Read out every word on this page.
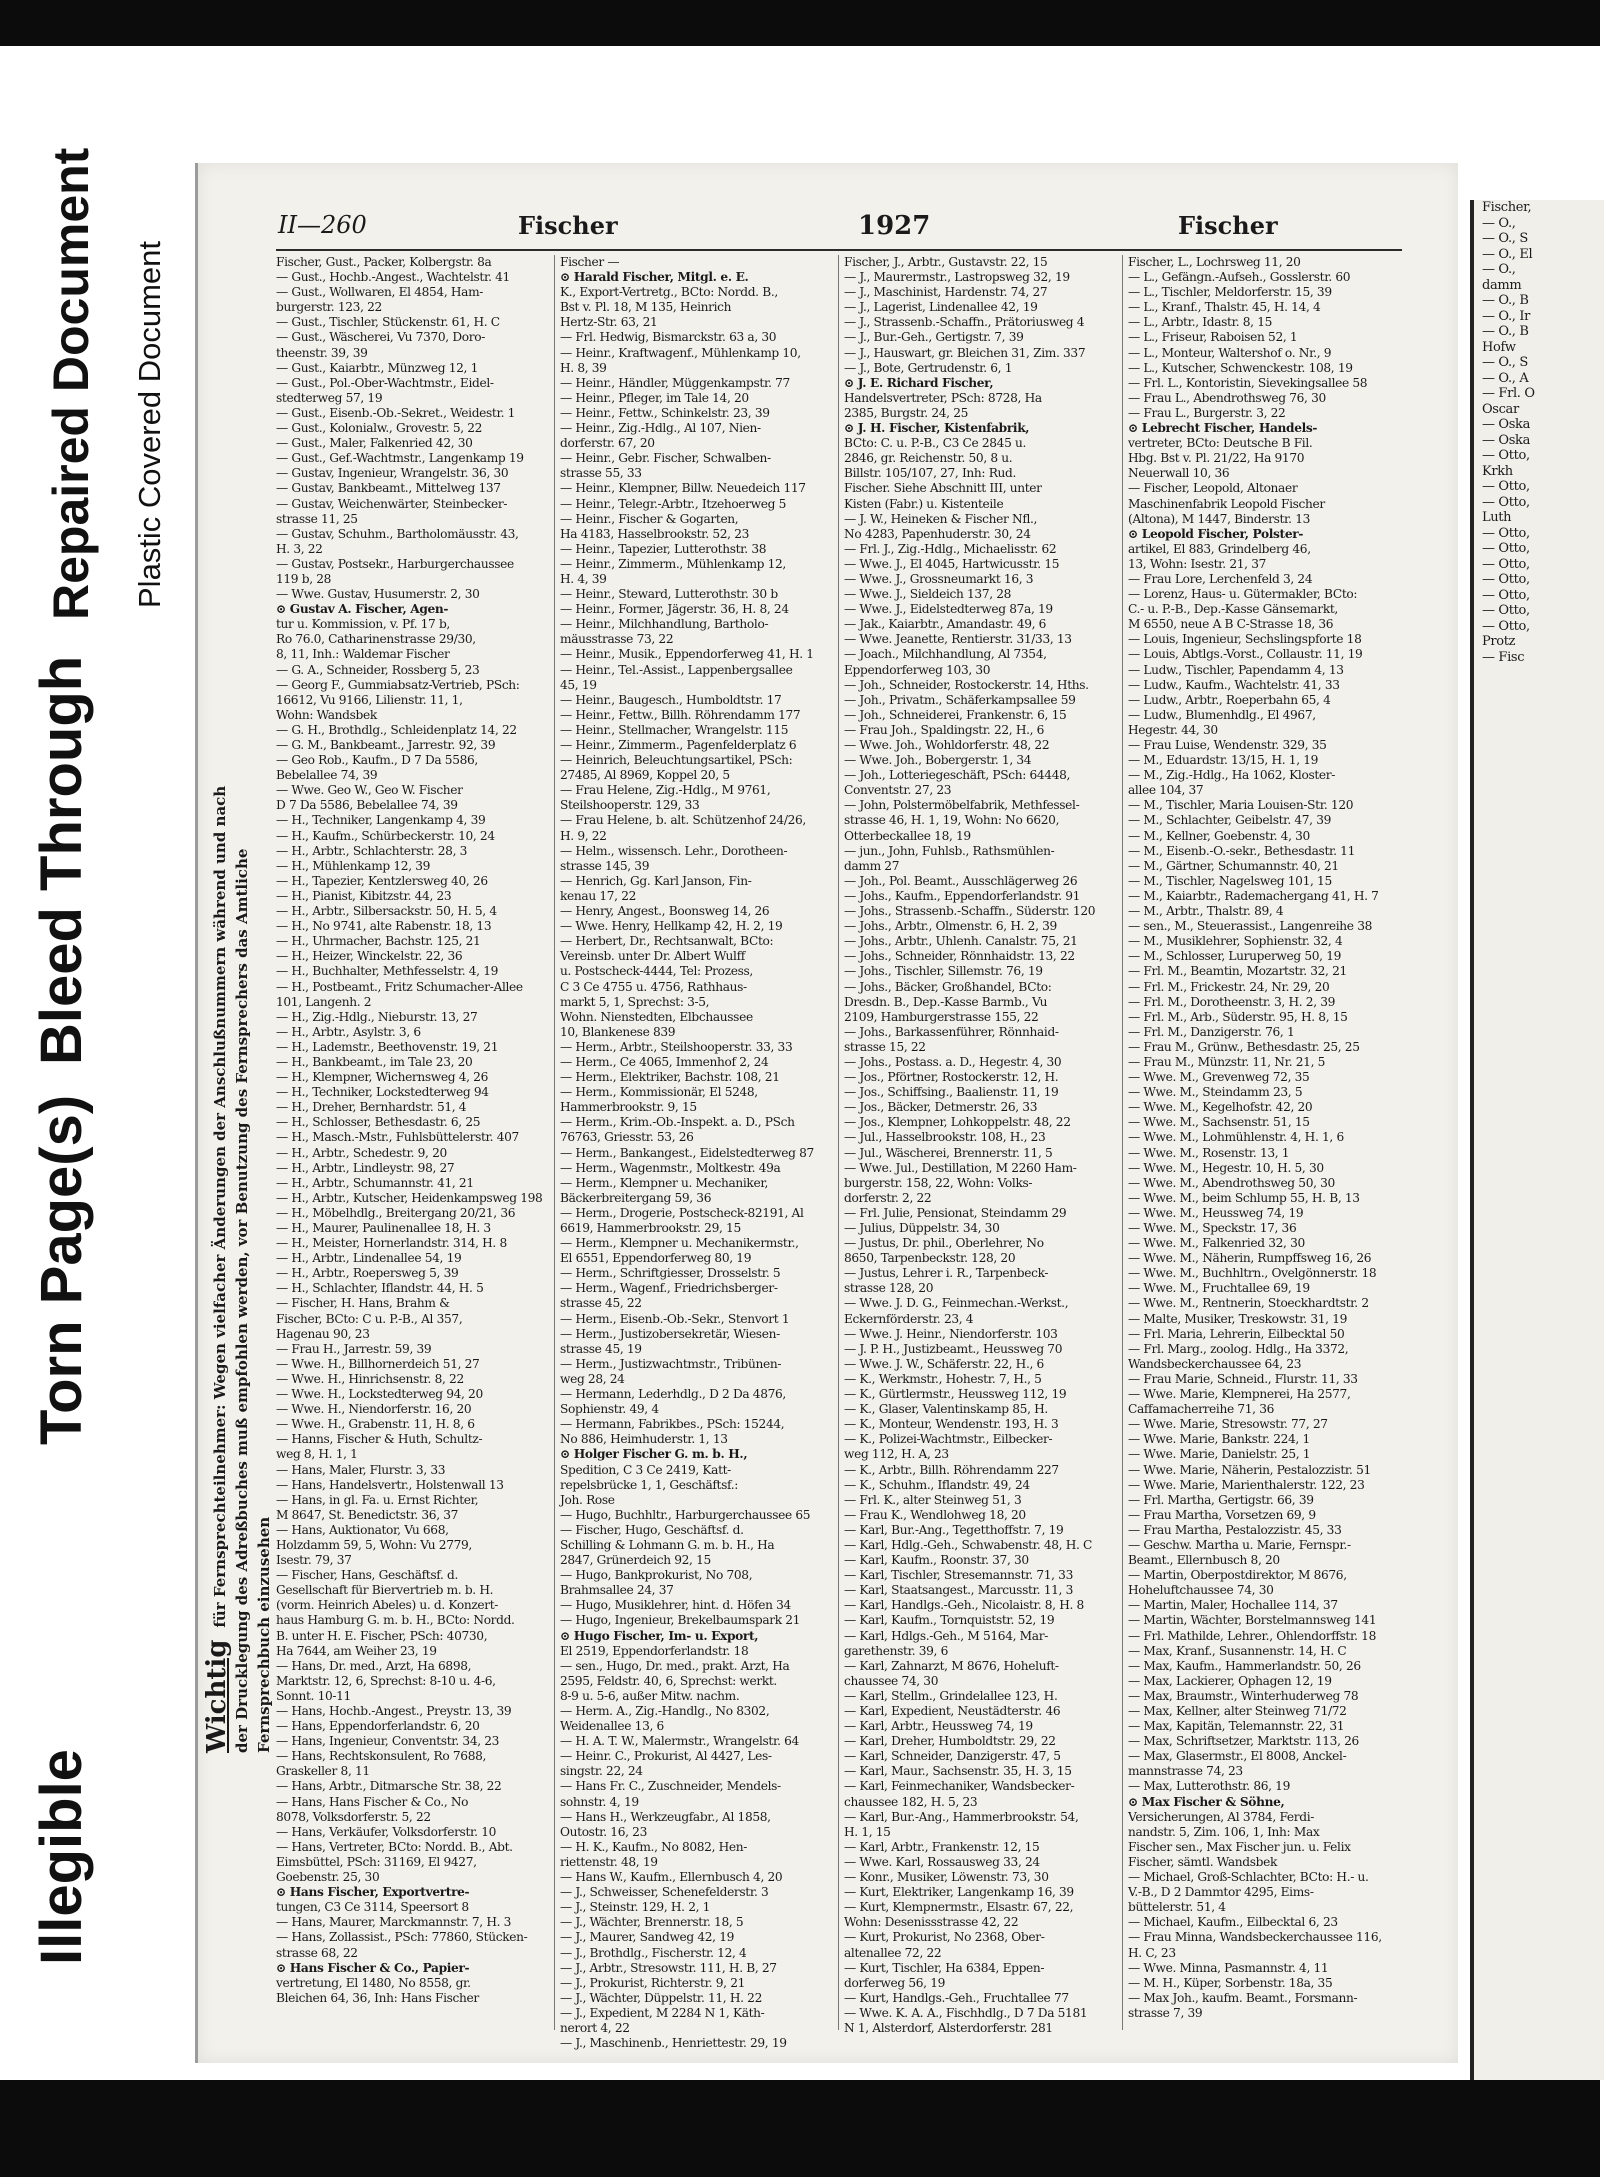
Illegible
Torn Page(s)
Bleed Through
Repaired Document Plastic Covered Document
Fischer,
— O.,
— O., S
— O., El
— O.,
damm
— O., B
— O., Ir
— O., B
Hofw
— O., S
— O., A
— Frl. O
Oscar
— Oska
— Oska
— Otto,
Krkh
— Otto,
— Otto,
Luth
— Otto,
— Otto,
— Otto,
— Otto,
— Otto,
— Otto,
— Otto,
Protz
— Fisc
II—260	Fischer	1927	Fischer
Wichtigfür Fernsprechteilnehmer: Wegen vielfacher Änderungen der Anschlußnummern während und nach der Drucklegung des Adreßbuches muß empfohlen werden, vor Benutzung des Fernsprechers das Amtliche Fernsprechbuch einzusehen
Fischer, Gust., Packer, Kolbergstr. 8a
— Gust., Hochb.-Angest., Wachtelstr. 41
— Gust., Wollwaren, El 4854, Ham-
burgerstr. 123, 22
— Gust., Tischler, Stückenstr. 61, H. C
— Gust., Wäscherei, Vu 7370, Doro-
theenstr. 39, 39
— Gust., Kaiarbtr., Münzweg 12, 1
— Gust., Pol.-Ober-Wachtmstr., Eidel-
stedterweg 57, 19
— Gust., Eisenb.-Ob.-Sekret., Weidestr. 1
— Gust., Kolonialw., Grovestr. 5, 22
— Gust., Maler, Falkenried 42, 30
— Gust., Gef.-Wachtmstr., Langenkamp 19
— Gustav, Ingenieur, Wrangelstr. 36, 30
— Gustav, Bankbeamt., Mittelweg 137
— Gustav, Weichenwärter, Steinbecker-
strasse 11, 25
— Gustav, Schuhm., Bartholomäusstr. 43,
H. 3, 22
— Gustav, Postsekr., Harburgerchaussee
119 b, 28
— Wwe. Gustav, Husumerstr. 2, 30
⊙ Gustav A. Fischer, Agen-
tur u. Kommission, v. Pf. 17 b,
Ro 76.0, Catharinenstrasse 29/30,
8, 11, Inh.: Waldemar Fischer
— G. A., Schneider, Rossberg 5, 23
— Georg F., Gummiabsatz-Vertrieb, PSch:
16612, Vu 9166, Lilienstr. 11, 1,
Wohn: Wandsbek
— G. H., Brothdlg., Schleidenplatz 14, 22
— G. M., Bankbeamt., Jarrestr. 92, 39
— Geo Rob., Kaufm., D 7 Da 5586,
Bebelallee 74, 39
— Wwe. Geo W., Geo W. Fischer
D 7 Da 5586, Bebelallee 74, 39
— H., Techniker, Langenkamp 4, 39
— H., Kaufm., Schürbeckerstr. 10, 24
— H., Arbtr., Schlachterstr. 28, 3
— H., Mühlenkamp 12, 39
— H., Tapezier, Kentzlersweg 40, 26
— H., Pianist, Kibitzstr. 44, 23
— H., Arbtr., Silbersackstr. 50, H. 5, 4
— H., No 9741, alte Rabenstr. 18, 13
— H., Uhrmacher, Bachstr. 125, 21
— H., Heizer, Winckelstr. 22, 36
— H., Buchhalter, Methfesselstr. 4, 19
— H., Postbeamt., Fritz Schumacher-Allee
101, Langenh. 2
— H., Zig.-Hdlg., Nieburstr. 13, 27
— H., Arbtr., Asylstr. 3, 6
— H., Lademstr., Beethovenstr. 19, 21
— H., Bankbeamt., im Tale 23, 20
— H., Klempner, Wichernsweg 4, 26
— H., Techniker, Lockstedterweg 94
— H., Dreher, Bernhardstr. 51, 4
— H., Schlosser, Bethesdastr. 6, 25
— H., Masch.-Mstr., Fuhlsbüttelerstr. 407
— H., Arbtr., Schedestr. 9, 20
— H., Arbtr., Lindleystr. 98, 27
— H., Arbtr., Schumannstr. 41, 21
— H., Arbtr., Kutscher, Heidenkampsweg 198
— H., Möbelhdlg., Breitergang 20/21, 36
— H., Maurer, Paulinenallee 18, H. 3
— H., Meister, Hornerlandstr. 314, H. 8
— H., Arbtr., Lindenallee 54, 19
— H., Arbtr., Roepersweg 5, 39
— H., Schlachter, Iflandstr. 44, H. 5
— Fischer, H. Hans, Brahm &
Fischer, BCto: C u. P.-B., Al 357,
Hagenau 90, 23
— Frau H., Jarrestr. 59, 39
— Wwe. H., Billhornerdeich 51, 27
— Wwe. H., Hinrichsenstr. 8, 22
— Wwe. H., Lockstedterweg 94, 20
— Wwe. H., Niendorferstr. 16, 20
— Wwe. H., Grabenstr. 11, H. 8, 6
— Hanns, Fischer & Huth, Schultz-
weg 8, H. 1, 1
— Hans, Maler, Flurstr. 3, 33
— Hans, Handelsvertr., Holstenwall 13
— Hans, in gl. Fa. u. Ernst Richter,
M 8647, St. Benedictstr. 36, 37
— Hans, Auktionator, Vu 668,
Holzdamm 59, 5, Wohn: Vu 2779,
Isestr. 79, 37
— Fischer, Hans, Geschäftsf. d.
Gesellschaft für Biervertrieb m. b. H.
(vorm. Heinrich Abeles) u. d. Konzert-
haus Hamburg G. m. b. H., BCto: Nordd.
B. unter H. E. Fischer, PSch: 40730,
Ha 7644, am Weiher 23, 19
— Hans, Dr. med., Arzt, Ha 6898,
Marktstr. 12, 6, Sprechst: 8-10 u. 4-6,
Sonnt. 10-11
— Hans, Hochb.-Angest., Preystr. 13, 39
— Hans, Eppendorferlandstr. 6, 20
— Hans, Ingenieur, Conventstr. 34, 23
— Hans, Rechtskonsulent, Ro 7688,
Graskeller 8, 11
— Hans, Arbtr., Ditmarsche Str. 38, 22
— Hans, Hans Fischer & Co., No
8078, Volksdorferstr. 5, 22
— Hans, Verkäufer, Volksdorferstr. 10
— Hans, Vertreter, BCto: Nordd. B., Abt.
Eimsbüttel, PSch: 31169, El 9427,
Goebenstr. 25, 30
⊙ Hans Fischer, Exportvertre-
tungen, C3 Ce 3114, Speersort 8
— Hans, Maurer, Marckmannstr. 7, H. 3
— Hans, Zollassist., PSch: 77860, Stücken-
strasse 68, 22
⊙ Hans Fischer & Co., Papier-
vertretung, El 1480, No 8558, gr.
Bleichen 64, 36, Inh: Hans Fischer
Fischer —
⊙ Harald Fischer, Mitgl. e. E.
K., Export-Vertretg., BCto: Nordd. B.,
Bst v. Pl. 18, M 135, Heinrich
Hertz-Str. 63, 21
— Frl. Hedwig, Bismarckstr. 63 a, 30
— Heinr., Kraftwagenf., Mühlenkamp 10,
H. 8, 39
— Heinr., Händler, Müggenkampstr. 77
— Heinr., Pfleger, im Tale 14, 20
— Heinr., Fettw., Schinkelstr. 23, 39
— Heinr., Zig.-Hdlg., Al 107, Nien-
dorferstr. 67, 20
— Heinr., Gebr. Fischer, Schwalben-
strasse 55, 33
— Heinr., Klempner, Billw. Neuedeich 117
— Heinr., Telegr.-Arbtr., Itzehoerweg 5
— Heinr., Fischer & Gogarten,
Ha 4183, Hasselbrookstr. 52, 23
— Heinr., Tapezier, Lutterothstr. 38
— Heinr., Zimmerm., Mühlenkamp 12,
H. 4, 39
— Heinr., Steward, Lutterothstr. 30 b
— Heinr., Former, Jägerstr. 36, H. 8, 24
— Heinr., Milchhandlung, Bartholo-
mäusstrasse 73, 22
— Heinr., Musik., Eppendorferweg 41, H. 1
— Heinr., Tel.-Assist., Lappenbergsallee
45, 19
— Heinr., Baugesch., Humboldtstr. 17
— Heinr., Fettw., Billh. Röhrendamm 177
— Heinr., Stellmacher, Wrangelstr. 115
— Heinr., Zimmerm., Pagenfelderplatz 6
— Heinrich, Beleuchtungsartikel, PSch:
27485, Al 8969, Koppel 20, 5
— Frau Helene, Zig.-Hdlg., M 9761,
Steilshooperstr. 129, 33
— Frau Helene, b. alt. Schützenhof 24/26,
H. 9, 22
— Helm., wissensch. Lehr., Dorotheen-
strasse 145, 39
— Henrich, Gg. Karl Janson, Fin-
kenau 17, 22
— Henry, Angest., Boonsweg 14, 26
— Wwe. Henry, Hellkamp 42, H. 2, 19
— Herbert, Dr., Rechtsanwalt, BCto:
Vereinsb. unter Dr. Albert Wulff
u. Postscheck-4444, Tel: Prozess,
C 3 Ce 4755 u. 4756, Rathhaus-
markt 5, 1, Sprechst: 3-5,
Wohn. Nienstedten, Elbchaussee
10, Blankenese 839
— Herm., Arbtr., Steilshooperstr. 33, 33
— Herm., Ce 4065, Immenhof 2, 24
— Herm., Elektriker, Bachstr. 108, 21
— Herm., Kommissionär, El 5248,
Hammerbrookstr. 9, 15
— Herm., Krim.-Ob.-Inspekt. a. D., PSch
76763, Griesstr. 53, 26
— Herm., Bankangest., Eidelstedterweg 87
— Herm., Wagenmstr., Moltkestr. 49a
— Herm., Klempner u. Mechaniker,
Bäckerbreitergang 59, 36
— Herm., Drogerie, Postscheck-82191, Al
6619, Hammerbrookstr. 29, 15
— Herm., Klempner u. Mechanikermstr.,
El 6551, Eppendorferweg 80, 19
— Herm., Schriftgiesser, Drosselstr. 5
— Herm., Wagenf., Friedrichsberger-
strasse 45, 22
— Herm., Eisenb.-Ob.-Sekr., Stenvort 1
— Herm., Justizobersekretär, Wiesen-
strasse 45, 19
— Herm., Justizwachtmstr., Tribünen-
weg 28, 24
— Hermann, Lederhdlg., D 2 Da 4876,
Sophienstr. 49, 4
— Hermann, Fabrikbes., PSch: 15244,
No 886, Heimhuderstr. 1, 13
⊙ Holger Fischer G. m. b. H.,
Spedition, C 3 Ce 2419, Katt-
repelsbrücke 1, 1, Geschäftsf.:
Joh. Rose
— Hugo, Buchhltr., Harburgerchaussee 65
— Fischer, Hugo, Geschäftsf. d.
Schilling & Lohmann G. m. b. H., Ha
2847, Grünerdeich 92, 15
— Hugo, Bankprokurist, No 708,
Brahmsallee 24, 37
— Hugo, Musiklehrer, hint. d. Höfen 34
— Hugo, Ingenieur, Brekelbaumspark 21
⊙ Hugo Fischer, Im- u. Export,
El 2519, Eppendorferlandstr. 18
— sen., Hugo, Dr. med., prakt. Arzt, Ha
2595, Feldstr. 40, 6, Sprechst: werkt.
8-9 u. 5-6, außer Mitw. nachm.
— Herm. A., Zig.-Handlg., No 8302,
Weidenallee 13, 6
— H. A. T. W., Malermstr., Wrangelstr. 64
— Heinr. C., Prokurist, Al 4427, Les-
singstr. 22, 24
— Hans Fr. C., Zuschneider, Mendels-
sohnstr. 4, 19
— Hans H., Werkzeugfabr., Al 1858,
Outostr. 16, 23
— H. K., Kaufm., No 8082, Hen-
riettenstr. 48, 19
— Hans W., Kaufm., Ellernbusch 4, 20
— J., Schweisser, Schenefelderstr. 3
— J., Steinstr. 129, H. 2, 1
— J., Wächter, Brennerstr. 18, 5
— J., Maurer, Sandweg 42, 19
— J., Brothdlg., Fischerstr. 12, 4
— J., Arbtr., Stresowstr. 111, H. B, 27
— J., Prokurist, Richterstr. 9, 21
— J., Wächter, Düppelstr. 11, H. 22
— J., Expedient, M 2284 N 1, Käth-
nerort 4, 22
— J., Maschinenb., Henriettestr. 29, 19
Fischer, J., Arbtr., Gustavstr. 22, 15
— J., Maurermstr., Lastropsweg 32, 19
— J., Maschinist, Hardenstr. 74, 27
— J., Lagerist, Lindenallee 42, 19
— J., Strassenb.-Schaffn., Prätoriusweg 4
— J., Bur.-Geh., Gertigstr. 7, 39
— J., Hauswart, gr. Bleichen 31, Zim. 337
— J., Bote, Gertrudenstr. 6, 1
⊙ J. E. Richard Fischer,
Handelsvertreter, PSch: 8728, Ha
2385, Burgstr. 24, 25
⊙ J. H. Fischer, Kistenfabrik,
BCto: C. u. P.-B., C3 Ce 2845 u.
2846, gr. Reichenstr. 50, 8 u.
Billstr. 105/107, 27, Inh: Rud.
Fischer. Siehe Abschnitt III, unter
Kisten (Fabr.) u. Kistenteile
— J. W., Heineken & Fischer Nfl.,
No 4283, Papenhuderstr. 30, 24
— Frl. J., Zig.-Hdlg., Michaelisstr. 62
— Wwe. J., El 4045, Hartwicusstr. 15
— Wwe. J., Grossneumarkt 16, 3
— Wwe. J., Sieldeich 137, 28
— Wwe. J., Eidelstedterweg 87a, 19
— Jak., Kaiarbtr., Amandastr. 49, 6
— Wwe. Jeanette, Rentierstr. 31/33, 13
— Joach., Milchhandlung, Al 7354,
Eppendorferweg 103, 30
— Joh., Schneider, Rostockerstr. 14, Hths.
— Joh., Privatm., Schäferkampsallee 59
— Joh., Schneiderei, Frankenstr. 6, 15
— Frau Joh., Spaldingstr. 22, H., 6
— Wwe. Joh., Wohldorferstr. 48, 22
— Wwe. Joh., Bobergerstr. 1, 34
— Joh., Lotteriegeschäft, PSch: 64448,
Conventstr. 27, 23
— John, Polstermöbelfabrik, Methfessel-
strasse 46, H. 1, 19, Wohn: No 6620,
Otterbeckallee 18, 19
— jun., John, Fuhlsb., Rathsmühlen-
damm 27
— Joh., Pol. Beamt., Ausschlägerweg 26
— Johs., Kaufm., Eppendorferlandstr. 91
— Johs., Strassenb.-Schaffn., Süderstr. 120
— Johs., Arbtr., Olmenstr. 6, H. 2, 39
— Johs., Arbtr., Uhlenh. Canalstr. 75, 21
— Johs., Schneider, Rönnhaidstr. 13, 22
— Johs., Tischler, Sillemstr. 76, 19
— Johs., Bäcker, Großhandel, BCto:
Dresdn. B., Dep.-Kasse Barmb., Vu
2109, Hamburgerstrasse 155, 22
— Johs., Barkassenführer, Rönnhaid-
strasse 15, 22
— Johs., Postass. a. D., Hegestr. 4, 30
— Jos., Pförtner, Rostockerstr. 12, H.
— Jos., Schiffsing., Baalienstr. 11, 19
— Jos., Bäcker, Detmerstr. 26, 33
— Jos., Klempner, Lohkoppelstr. 48, 22
— Jul., Hasselbrookstr. 108, H., 23
— Jul., Wäscherei, Brennerstr. 11, 5
— Wwe. Jul., Destillation, M 2260 Ham-
burgerstr. 158, 22, Wohn: Volks-
dorferstr. 2, 22
— Frl. Julie, Pensionat, Steindamm 29
— Julius, Düppelstr. 34, 30
— Justus, Dr. phil., Oberlehrer, No
8650, Tarpenbeckstr. 128, 20
— Justus, Lehrer i. R., Tarpenbeck-
strasse 128, 20
— Wwe. J. D. G., Feinmechan.-Werkst.,
Eckernförderstr. 23, 4
— Wwe. J. Heinr., Niendorferstr. 103
— J. P. H., Justizbeamt., Heussweg 70
— Wwe. J. W., Schäferstr. 22, H., 6
— K., Werkmstr., Hohestr. 7, H., 5
— K., Gürtlermstr., Heussweg 112, 19
— K., Glaser, Valentinskamp 85, H.
— K., Monteur, Wendenstr. 193, H. 3
— K., Polizei-Wachtmstr., Eilbecker-
weg 112, H. A, 23
— K., Arbtr., Billh. Röhrendamm 227
— K., Schuhm., Iflandstr. 49, 24
— Frl. K., alter Steinweg 51, 3
— Frau K., Wendlohweg 18, 20
— Karl, Bur.-Ang., Tegetthoffstr. 7, 19
— Karl, Hdlg.-Geh., Schwabenstr. 48, H. C
— Karl, Kaufm., Roonstr. 37, 30
— Karl, Tischler, Stresemannstr. 71, 33
— Karl, Staatsangest., Marcusstr. 11, 3
— Karl, Handlgs.-Geh., Nicolaistr. 8, H. 8
— Karl, Kaufm., Tornquiststr. 52, 19
— Karl, Hdlgs.-Geh., M 5164, Mar-
garethenstr. 39, 6
— Karl, Zahnarzt, M 8676, Hoheluft-
chaussee 74, 30
— Karl, Stellm., Grindelallee 123, H.
— Karl, Expedient, Neustädterstr. 46
— Karl, Arbtr., Heussweg 74, 19
— Karl, Dreher, Humboldtstr. 29, 22
— Karl, Schneider, Danzigerstr. 47, 5
— Karl, Maur., Sachsenstr. 35, H. 3, 15
— Karl, Feinmechaniker, Wandsbecker-
chaussee 182, H. 5, 23
— Karl, Bur.-Ang., Hammerbrookstr. 54,
H. 1, 15
— Karl, Arbtr., Frankenstr. 12, 15
— Wwe. Karl, Rossausweg 33, 24
— Konr., Musiker, Löwenstr. 73, 30
— Kurt, Elektriker, Langenkamp 16, 39
— Kurt, Klempnermstr., Elsastr. 67, 22,
Wohn: Desenissstrasse 42, 22
— Kurt, Prokurist, No 2368, Ober-
altenallee 72, 22
— Kurt, Tischler, Ha 6384, Eppen-
dorferweg 56, 19
— Kurt, Handlgs.-Geh., Fruchtallee 77
— Wwe. K. A. A., Fischhdlg., D 7 Da 5181
N 1, Alsterdorf, Alsterdorferstr. 281
Fischer, L., Lochrsweg 11, 20
— L., Gefängn.-Aufseh., Gosslerstr. 60
— L., Tischler, Meldorferstr. 15, 39
— L., Kranf., Thalstr. 45, H. 14, 4
— L., Arbtr., Idastr. 8, 15
— L., Friseur, Raboisen 52, 1
— L., Monteur, Waltershof o. Nr., 9
— L., Kutscher, Schwenckestr. 108, 19
— Frl. L., Kontoristin, Sievekingsallee 58
— Frau L., Abendrothsweg 76, 30
— Frau L., Burgerstr. 3, 22
⊙ Lebrecht Fischer, Handels-
vertreter, BCto: Deutsche B Fil.
Hbg. Bst v. Pl. 21/22, Ha 9170
Neuerwall 10, 36
— Fischer, Leopold, Altonaer
Maschinenfabrik Leopold Fischer
(Altona), M 1447, Binderstr. 13
⊙ Leopold Fischer, Polster-
artikel, El 883, Grindelberg 46,
13, Wohn: Isestr. 21, 37
— Frau Lore, Lerchenfeld 3, 24
— Lorenz, Haus- u. Gütermakler, BCto:
C.- u. P.-B., Dep.-Kasse Gänsemarkt,
M 6550, neue A B C-Strasse 18, 36
— Louis, Ingenieur, Sechslingspforte 18
— Louis, Abtlgs.-Vorst., Collaustr. 11, 19
— Ludw., Tischler, Papendamm 4, 13
— Ludw., Kaufm., Wachtelstr. 41, 33
— Ludw., Arbtr., Roeperbahn 65, 4
— Ludw., Blumenhdlg., El 4967,
Hegestr. 44, 30
— Frau Luise, Wendenstr. 329, 35
— M., Eduardstr. 13/15, H. 1, 19
— M., Zig.-Hdlg., Ha 1062, Kloster-
allee 104, 37
— M., Tischler, Maria Louisen-Str. 120
— M., Schlachter, Geibelstr. 47, 39
— M., Kellner, Goebenstr. 4, 30
— M., Eisenb.-O.-sekr., Bethesdastr. 11
— M., Gärtner, Schumannstr. 40, 21
— M., Tischler, Nagelsweg 101, 15
— M., Kaiarbtr., Rademachergang 41, H. 7
— M., Arbtr., Thalstr. 89, 4
— sen., M., Steuerassist., Langenreihe 38
— M., Musiklehrer, Sophienstr. 32, 4
— M., Schlosser, Luruperweg 50, 19
— Frl. M., Beamtin, Mozartstr. 32, 21
— Frl. M., Frickestr. 24, Nr. 29, 20
— Frl. M., Dorotheenstr. 3, H. 2, 39
— Frl. M., Arb., Süderstr. 95, H. 8, 15
— Frl. M., Danzigerstr. 76, 1
— Frau M., Grünw., Bethesdastr. 25, 25
— Frau M., Münzstr. 11, Nr. 21, 5
— Wwe. M., Grevenweg 72, 35
— Wwe. M., Steindamm 23, 5
— Wwe. M., Kegelhofstr. 42, 20
— Wwe. M., Sachsenstr. 51, 15
— Wwe. M., Lohmühlenstr. 4, H. 1, 6
— Wwe. M., Rosenstr. 13, 1
— Wwe. M., Hegestr. 10, H. 5, 30
— Wwe. M., Abendrothsweg 50, 30
— Wwe. M., beim Schlump 55, H. B, 13
— Wwe. M., Heussweg 74, 19
— Wwe. M., Speckstr. 17, 36
— Wwe. M., Falkenried 32, 30
— Wwe. M., Näherin, Rumpffsweg 16, 26
— Wwe. M., Buchhltrn., Ovelgönnerstr. 18
— Wwe. M., Fruchtallee 69, 19
— Wwe. M., Rentnerin, Stoeckhardtstr. 2
— Malte, Musiker, Treskowstr. 31, 19
— Frl. Maria, Lehrerin, Eilbecktal 50
— Frl. Marg., zoolog. Hdlg., Ha 3372,
Wandsbeckerchaussee 64, 23
— Frau Marie, Schneid., Flurstr. 11, 33
— Wwe. Marie, Klempnerei, Ha 2577,
Caffamacherreihe 71, 36
— Wwe. Marie, Stresowstr. 77, 27
— Wwe. Marie, Bankstr. 224, 1
— Wwe. Marie, Danielstr. 25, 1
— Wwe. Marie, Näherin, Pestalozzistr. 51
— Wwe. Marie, Marienthalerstr. 122, 23
— Frl. Martha, Gertigstr. 66, 39
— Frau Martha, Vorsetzen 69, 9
— Frau Martha, Pestalozzistr. 45, 33
— Geschw. Martha u. Marie, Fernspr.-
Beamt., Ellernbusch 8, 20
— Martin, Oberpostdirektor, M 8676,
Hoheluftchaussee 74, 30
— Martin, Maler, Hochallee 114, 37
— Martin, Wächter, Borstelmannsweg 141
— Frl. Mathilde, Lehrer., Ohlendorffstr. 18
— Max, Kranf., Susannenstr. 14, H. C
— Max, Kaufm., Hammerlandstr. 50, 26
— Max, Lackierer, Ophagen 12, 19
— Max, Braumstr., Winterhuderweg 78
— Max, Kellner, alter Steinweg 71/72
— Max, Kapitän, Telemannstr. 22, 31
— Max, Schriftsetzer, Marktstr. 113, 26
— Max, Glasermstr., El 8008, Anckel-
mannstrasse 74, 23
— Max, Lutterothstr. 86, 19
⊙ Max Fischer & Söhne,
Versicherungen, Al 3784, Ferdi-
nandstr. 5, Zim. 106, 1, Inh: Max
Fischer sen., Max Fischer jun. u. Felix
Fischer, sämtl. Wandsbek
— Michael, Groß-Schlachter, BCto: H.- u.
V.-B., D 2 Dammtor 4295, Eims-
büttelerstr. 51, 4
— Michael, Kaufm., Eilbecktal 6, 23
— Frau Minna, Wandsbeckerchaussee 116,
H. C, 23
— Wwe. Minna, Pasmannstr. 4, 11
— M. H., Küper, Sorbenstr. 18a, 35
— Max Joh., kaufm. Beamt., Forsmann-
strasse 7, 39
